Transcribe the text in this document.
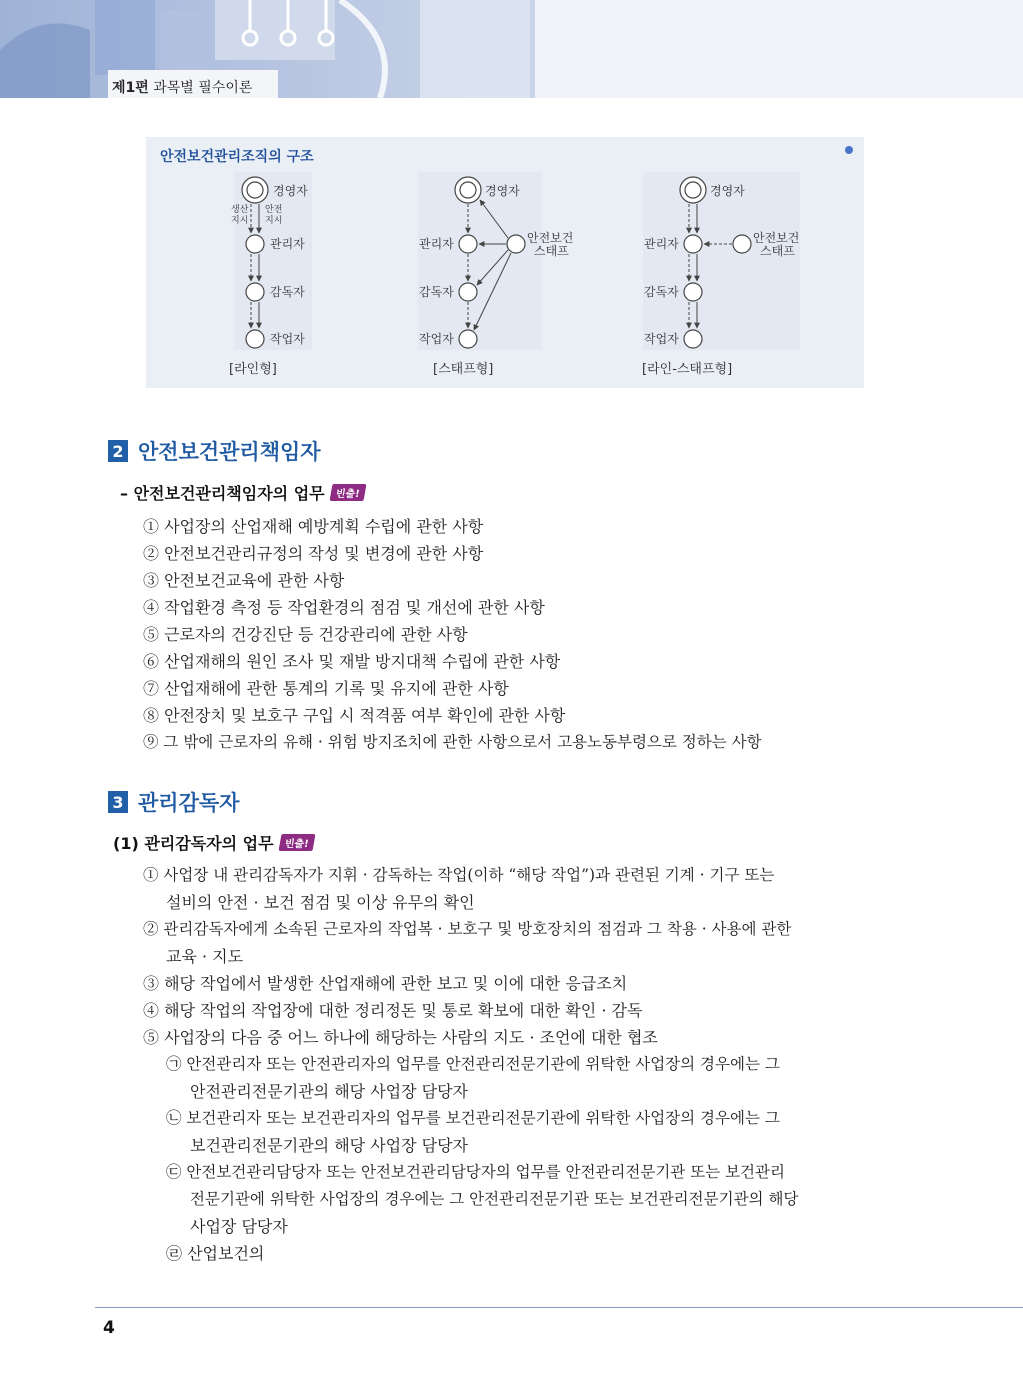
제1편 과목별 필수이론
안전보건관리조직의 구조
경영자
관리자
감독자
작업자
생산
지시
안전
지시
[라인형]
경영자
관리자
감독자
작업자
안전보건
스태프
[스태프형]
경영자
관리자
감독자
작업자
안전보건
스태프
[라인-스태프형]
2 안전보건관리책임자
– 안전보건관리책임자의 업무 빈출!
① 사업장의 산업재해 예방계획 수립에 관한 사항
② 안전보건관리규정의 작성 및 변경에 관한 사항
③ 안전보건교육에 관한 사항
④ 작업환경 측정 등 작업환경의 점검 및 개선에 관한 사항
⑤ 근로자의 건강진단 등 건강관리에 관한 사항
⑥ 산업재해의 원인 조사 및 재발 방지대책 수립에 관한 사항
⑦ 산업재해에 관한 통계의 기록 및 유지에 관한 사항
⑧ 안전장치 및 보호구 구입 시 적격품 여부 확인에 관한 사항
⑨ 그 밖에 근로자의 유해 · 위험 방지조치에 관한 사항으로서 고용노동부령으로 정하는 사항
3 관리감독자
(1) 관리감독자의 업무 빈출!
① 사업장 내 관리감독자가 지휘 · 감독하는 작업(이하 “해당 작업”)과 관련된 기계 · 기구 또는
설비의 안전 · 보건 점검 및 이상 유무의 확인
② 관리감독자에게 소속된 근로자의 작업복 · 보호구 및 방호장치의 점검과 그 착용 · 사용에 관한
교육 · 지도
③ 해당 작업에서 발생한 산업재해에 관한 보고 및 이에 대한 응급조치
④ 해당 작업의 작업장에 대한 정리정돈 및 통로 확보에 대한 확인 · 감독
⑤ 사업장의 다음 중 어느 하나에 해당하는 사람의 지도 · 조언에 대한 협조
㉠ 안전관리자 또는 안전관리자의 업무를 안전관리전문기관에 위탁한 사업장의 경우에는 그
안전관리전문기관의 해당 사업장 담당자
㉡ 보건관리자 또는 보건관리자의 업무를 보건관리전문기관에 위탁한 사업장의 경우에는 그
보건관리전문기관의 해당 사업장 담당자
㉢ 안전보건관리담당자 또는 안전보건관리담당자의 업무를 안전관리전문기관 또는 보건관리
전문기관에 위탁한 사업장의 경우에는 그 안전관리전문기관 또는 보건관리전문기관의 해당
사업장 담당자
㉣ 산업보건의
4
